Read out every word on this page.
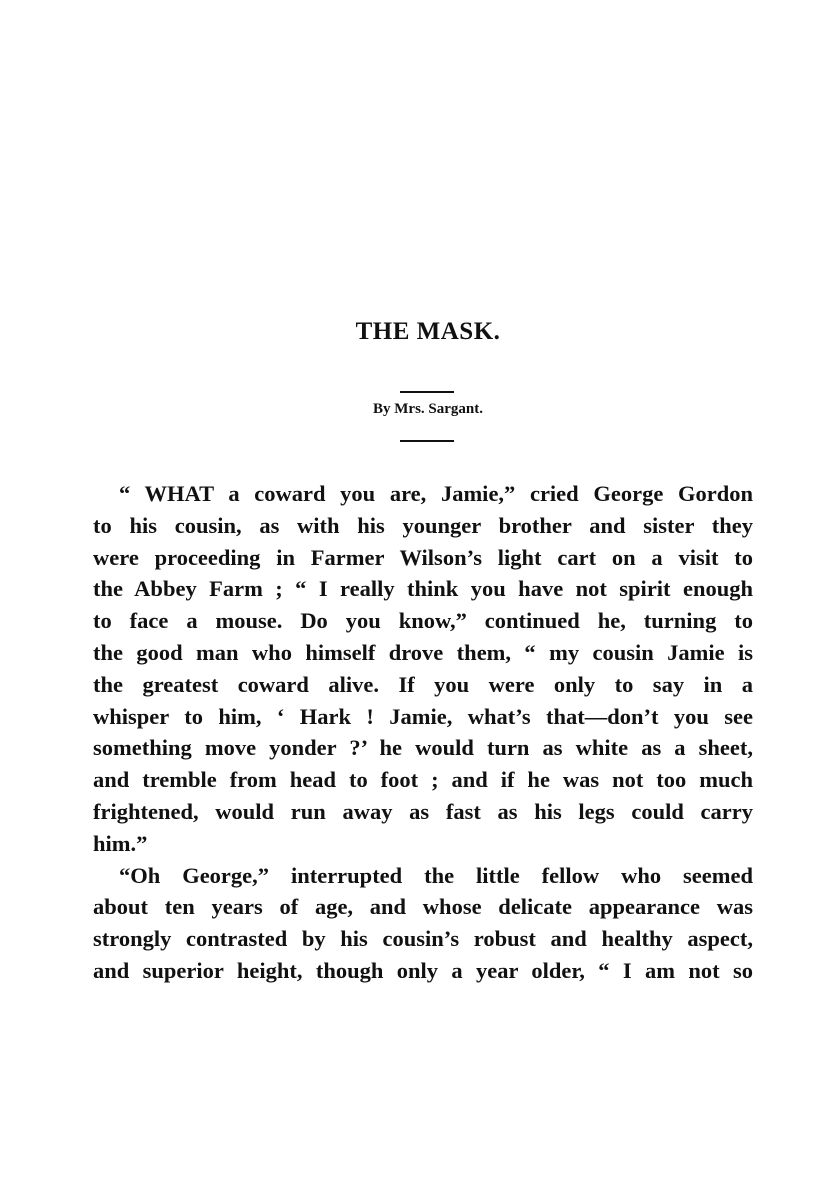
THE MASK.
By Mrs. Sargant.
“ WHAT a coward you are, Jamie,” cried George Gordon
to his cousin, as with his younger brother and sister they
were proceeding in Farmer Wilson’s light cart on a visit to
the Abbey Farm ; “ I really think you have not spirit enough
to face a mouse. Do you know,” continued he, turning to
the good man who himself drove them, “ my cousin Jamie is
the greatest coward alive. If you were only to say in a
whisper to him, ‘ Hark ! Jamie, what’s that—don’t you see
something move yonder ?’ he would turn as white as a sheet,
and tremble from head to foot ; and if he was not too much
frightened, would run away as fast as his legs could carry
him.”
“Oh George,” interrupted the little fellow who seemed
about ten years of age, and whose delicate appearance was
strongly contrasted by his cousin’s robust and healthy aspect,
and superior height, though only a year older, “ I am not so
